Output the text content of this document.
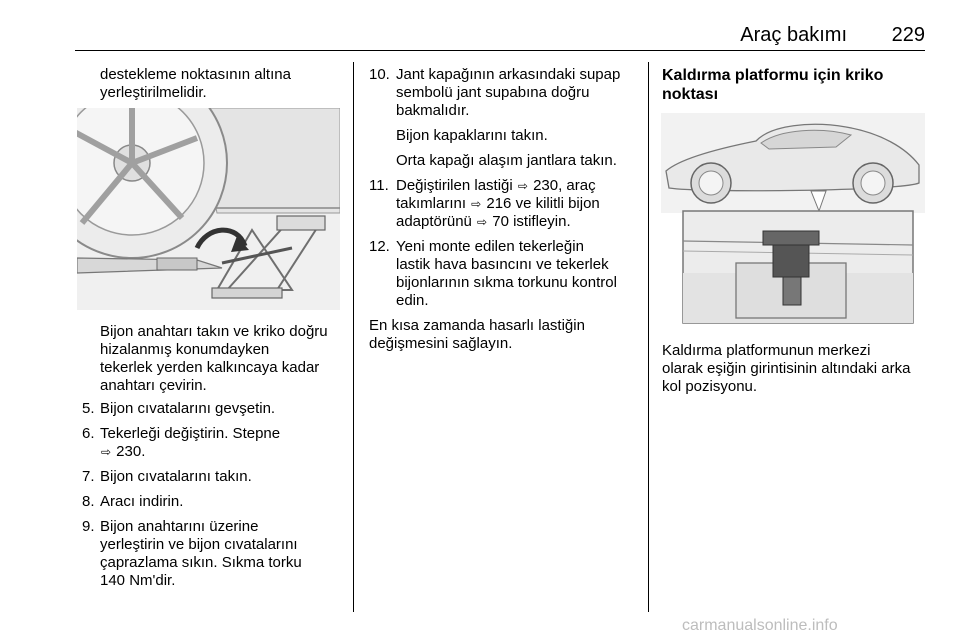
Araç bakımı 229

destekleme noktasının altına

yerleştirilmelidir.

Bijon anahtarı takın ve kriko doğru

hizalanmış konumdayken

tekerlek yerden kalkıncaya kadar

anahtarı çevirin.

5. Bijon cıvatalarını gevşetin.
6. Tekerleği değiştirin. Stepne
⇨ 230.
7. Bijon cıvatalarını takın.
8. Aracı indirin.
9. Bijon anahtarını üzerine
yerleştirin ve bijon cıvatalarını
çaprazlama sıkın. Sıkma torku
140 Nm'dir.
10. Jant kapağının arkasındaki supap
sembolü jant supabına doğru
bakmalıdır.

Bijon kapaklarını takın.

Orta kapağı alaşım jantlara takın.

11. Değiştirilen lastiği ⇨ 230, araç
takımlarını ⇨ 216 ve kilitli bijon
adaptörünü ⇨ 70 istifleyin.
12. Yeni monte edilen tekerleğin
lastik hava basıncını ve tekerlek
bijonlarının sıkma torkunu kontrol
edin.

En kısa zamanda hasarlı lastiğin
değişmesini sağlayın.

Kaldırma platformu için kriko
noktası

Kaldırma platformunun merkezi

olarak eşiğin girintisinin altındaki arka

kol pozisyonu.

carmanualsonline.info
